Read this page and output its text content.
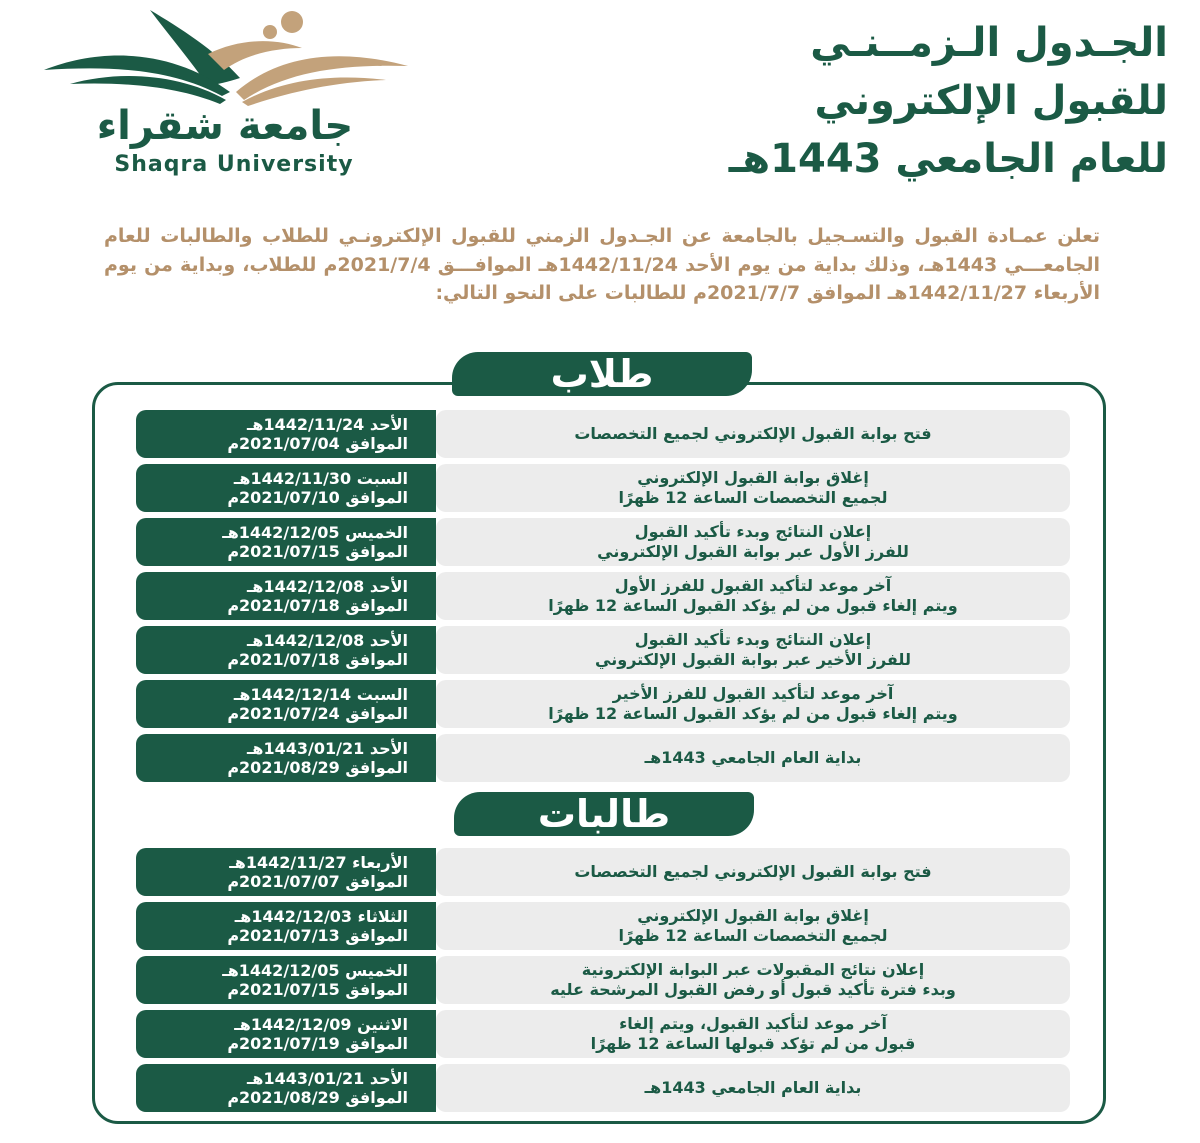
جامعة شقراء
Shaqra University
الجـدول الـزمــنـي
للقبول الإلكتروني
للعام الجامعي 1443هـ
تعلن عمـادة القبول والتسـجيل بالجامعة عن الجـدول الزمني للقبول الإلكترونـي للطلاب والطالبات للعام الجامعـــي 1443هـ، وذلك بداية من يوم الأحد 1442/11/24هـ الموافـــق 2021/7/4م للطلاب، وبداية من يوم الأربعاء 1442/11/27هـ الموافق 2021/7/7م للطالبات على النحو التالي:
طلاب
طالبات
فتح بوابة القبول الإلكتروني لجميع التخصصات
الأحد 1442/11/24هـ
الموافق 2021/07/04م
إغلاق بوابة القبول الإلكتروني
لجميع التخصصات الساعة 12 ظهرًا
السبت 1442/11/30هـ
الموافق 2021/07/10م
إعلان النتائج وبدء تأكيد القبول
للفرز الأول عبر بوابة القبول الإلكتروني
الخميس 1442/12/05هـ
الموافق 2021/07/15م
آخر موعد لتأكيد القبول للفرز الأول
ويتم إلغاء قبول من لم يؤكد القبول الساعة 12 ظهرًا
الأحد 1442/12/08هـ
الموافق 2021/07/18م
إعلان النتائج وبدء تأكيد القبول
للفرز الأخير عبر بوابة القبول الإلكتروني
الأحد 1442/12/08هـ
الموافق 2021/07/18م
آخر موعد لتأكيد القبول للفرز الأخير
ويتم إلغاء قبول من لم يؤكد القبول الساعة 12 ظهرًا
السبت 1442/12/14هـ
الموافق 2021/07/24م
بداية العام الجامعي 1443هـ
الأحد 1443/01/21هـ
الموافق 2021/08/29م
فتح بوابة القبول الإلكتروني لجميع التخصصات
الأربعاء 1442/11/27هـ
الموافق 2021/07/07م
إغلاق بوابة القبول الإلكتروني
لجميع التخصصات الساعة 12 ظهرًا
الثلاثاء 1442/12/03هـ
الموافق 2021/07/13م
إعلان نتائج المقبولات عبر البوابة الإلكترونية
وبدء فترة تأكيد قبول أو رفض القبول المرشحة عليه
الخميس 1442/12/05هـ
الموافق 2021/07/15م
آخر موعد لتأكيد القبول، ويتم إلغاء
قبول من لم تؤكد قبولها الساعة 12 ظهرًا
الاثنين 1442/12/09هـ
الموافق 2021/07/19م
بداية العام الجامعي 1443هـ
الأحد 1443/01/21هـ
الموافق 2021/08/29م
